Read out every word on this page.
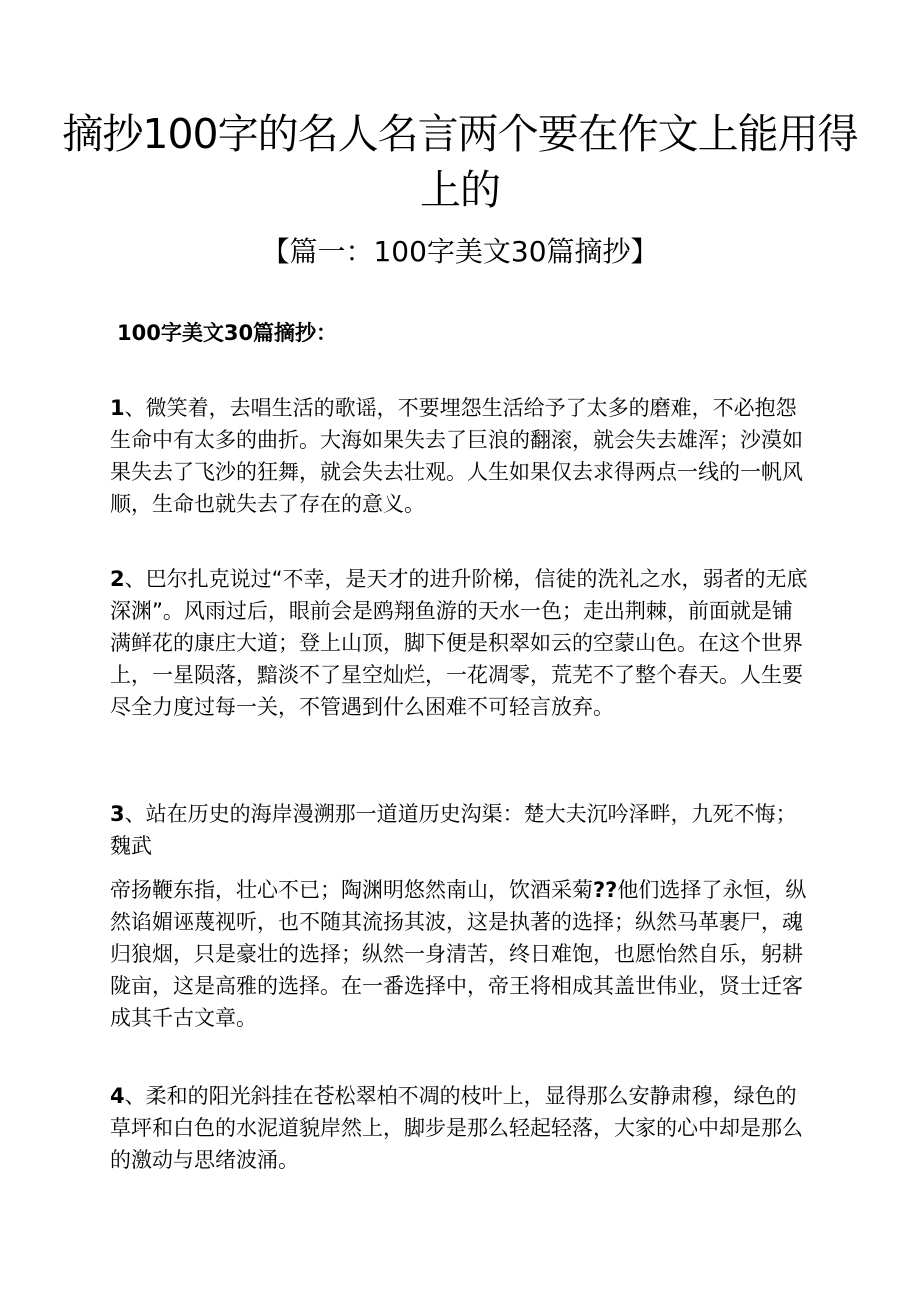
摘抄100字的名人名言两个要在作文上能用得上的
【篇一：100字美文30篇摘抄】

100字美文30篇摘抄：

1、微笑着，去唱生活的歌谣，不要埋怨生活给予了太多的磨难，不必抱怨生命中有太多的曲折。大海如果失去了巨浪的翻滚，就会失去雄浑；沙漠如果失去了飞沙的狂舞，就会失去壮观。人生如果仅去求得两点一线的一帆风顺，生命也就失去了存在的意义。

2、巴尔扎克说过“不幸，是天才的进升阶梯，信徒的洗礼之水，弱者的无底深渊”。风雨过后，眼前会是鸥翔鱼游的天水一色；走出荆棘，前面就是铺满鲜花的康庄大道；登上山顶，脚下便是积翠如云的空蒙山色。在这个世界上，一星陨落，黯淡不了星空灿烂，一花凋零，荒芜不了整个春天。人生要尽全力度过每一关，不管遇到什么困难不可轻言放弃。

3、站在历史的海岸漫溯那一道道历史沟渠：楚大夫沉吟泽畔，九死不悔；魏武

帝扬鞭东指，壮心不已；陶渊明悠然南山，饮酒采菊??他们选择了永恒，纵然谄媚诬蔑视听，也不随其流扬其波，这是执著的选择；纵然马革裹尸，魂归狼烟，只是豪壮的选择；纵然一身清苦，终日难饱，也愿怡然自乐，躬耕陇亩，这是高雅的选择。在一番选择中，帝王将相成其盖世伟业，贤士迁客成其千古文章。

4、柔和的阳光斜挂在苍松翠柏不凋的枝叶上，显得那么安静肃穆，绿色的草坪和白色的水泥道貌岸然上，脚步是那么轻起轻落，大家的心中却是那么的激动与思绪波涌。
